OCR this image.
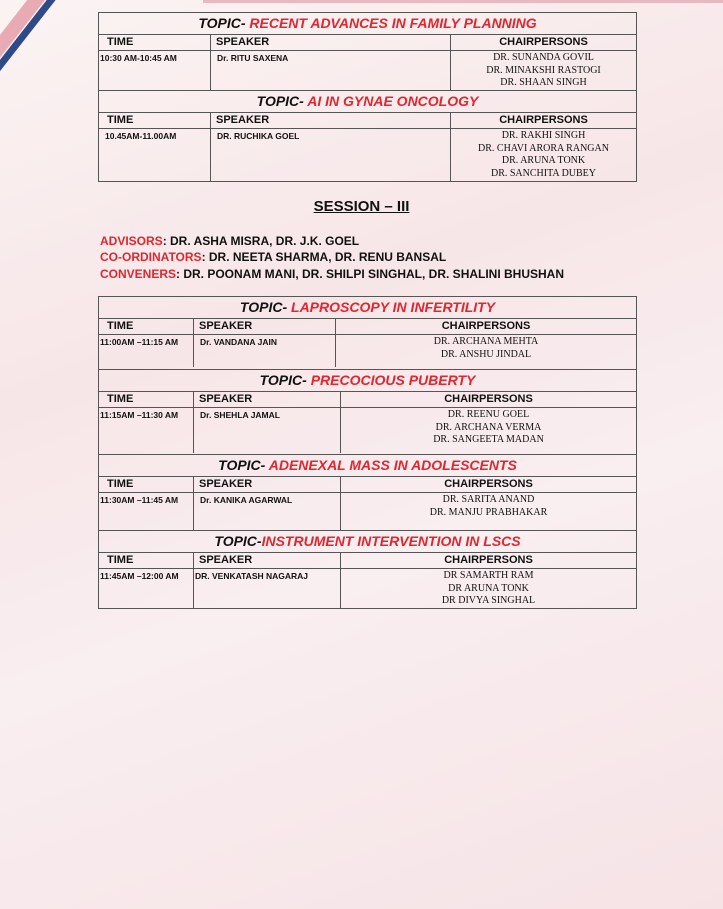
TOPIC- RECENT ADVANCES IN FAMILY PLANNING
TIME	SPEAKER	CHAIRPERSONS
10:30 AM-10:45 AM	Dr. RITU SAXENA	DR. SUNANDA GOVIL
DR. MINAKSHI RASTOGI
DR. SHAAN SINGH
TOPIC- AI IN GYNAE ONCOLOGY
TIME	SPEAKER	CHAIRPERSONS
10.45AM-11.00AM	DR. RUCHIKA GOEL	DR. RAKHI SINGH
DR. CHAVI ARORA RANGAN
DR. ARUNA TONK
DR. SANCHITA DUBEY
SESSION – III
ADVISORS: DR. ASHA MISRA, DR. J.K. GOEL
CO-ORDINATORS: DR. NEETA SHARMA, DR. RENU BANSAL
CONVENERS: DR. POONAM MANI, DR. SHILPI SINGHAL, DR. SHALINI BHUSHAN
TOPIC- LAPROSCOPY IN INFERTILITY
TIME	SPEAKER	CHAIRPERSONS
11:00AM –11:15 AM	Dr. VANDANA JAIN	DR. ARCHANA MEHTA
DR. ANSHU JINDAL
TOPIC- PRECOCIOUS PUBERTY
TIME	SPEAKER	CHAIRPERSONS
11:15AM –11:30 AM	Dr. SHEHLA JAMAL	DR. REENU GOEL
DR. ARCHANA VERMA
DR. SANGEETA MADAN
TOPIC- ADENEXAL MASS IN ADOLESCENTS
TIME	SPEAKER	CHAIRPERSONS
11:30AM –11:45 AM	Dr. KANIKA AGARWAL	DR. SARITA ANAND
DR. MANJU PRABHAKAR
TOPIC-INSTRUMENT INTERVENTION IN LSCS
TIME	SPEAKER	CHAIRPERSONS
11:45AM –12:00 AM	DR. VENKATASH NAGARAJ	DR SAMARTH RAM
DR ARUNA TONK
DR DIVYA SINGHAL
